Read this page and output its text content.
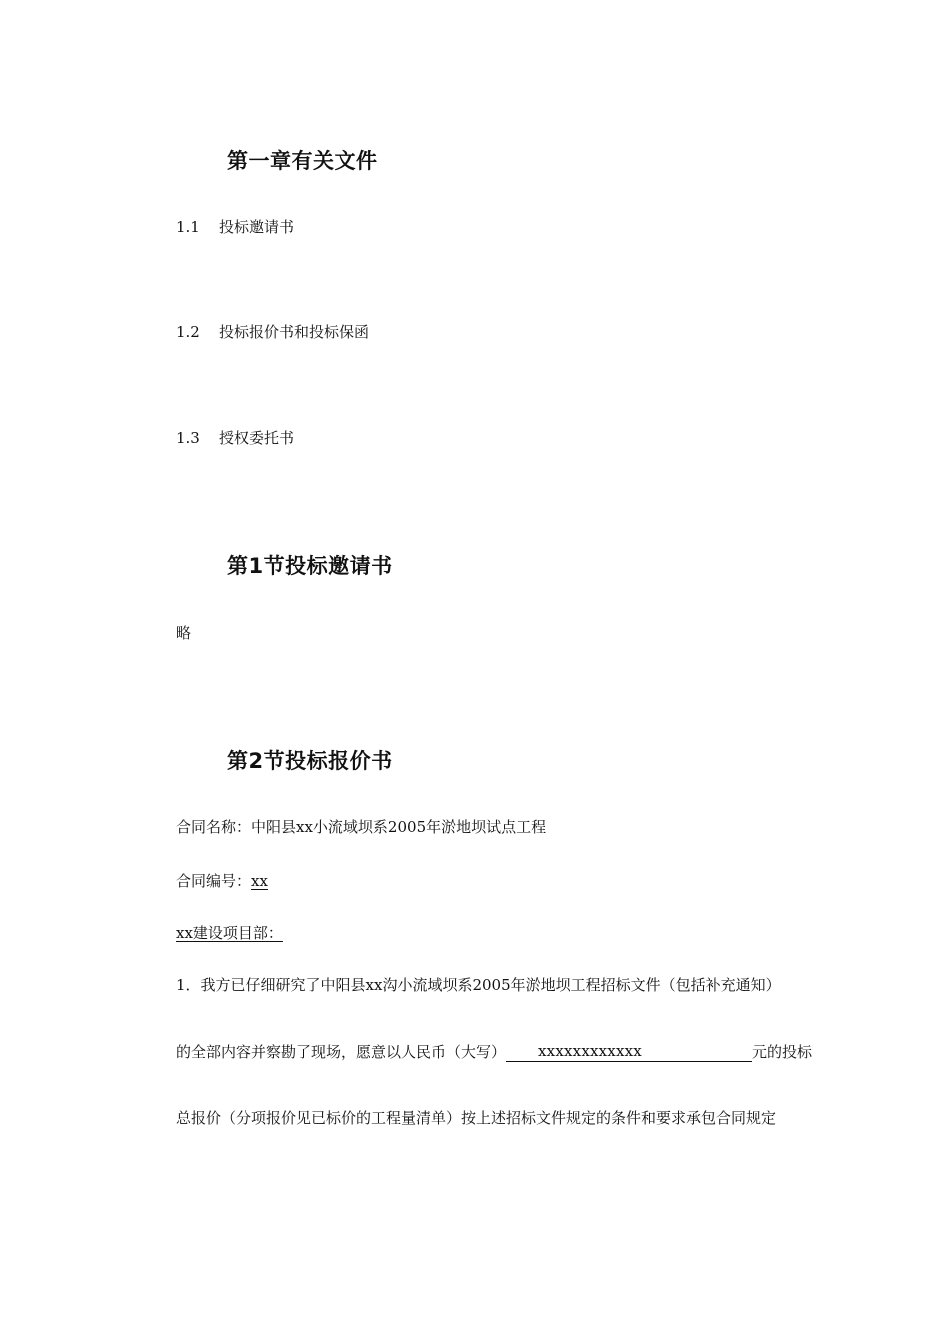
第一章有关文件
1.1 投标邀请书
1.2 投标报价书和投标保函
1.3 授权委托书
第1节投标邀请书
略
第2节投标报价书
合同名称：中阳县xx小流域坝系2005年淤地坝试点工程
合同编号：xx
xx建设项目部：
1．我方已仔细研究了中阳县xx沟小流域坝系2005年淤地坝工程招标文件（包括补充通知）
的全部内容并察勘了现场，愿意以人民币（大写） xxxxxxxxxxxx	元的投标
总报价（分项报价见已标价的工程量清单）按上述招标文件规定的条件和要求承包合同规定
